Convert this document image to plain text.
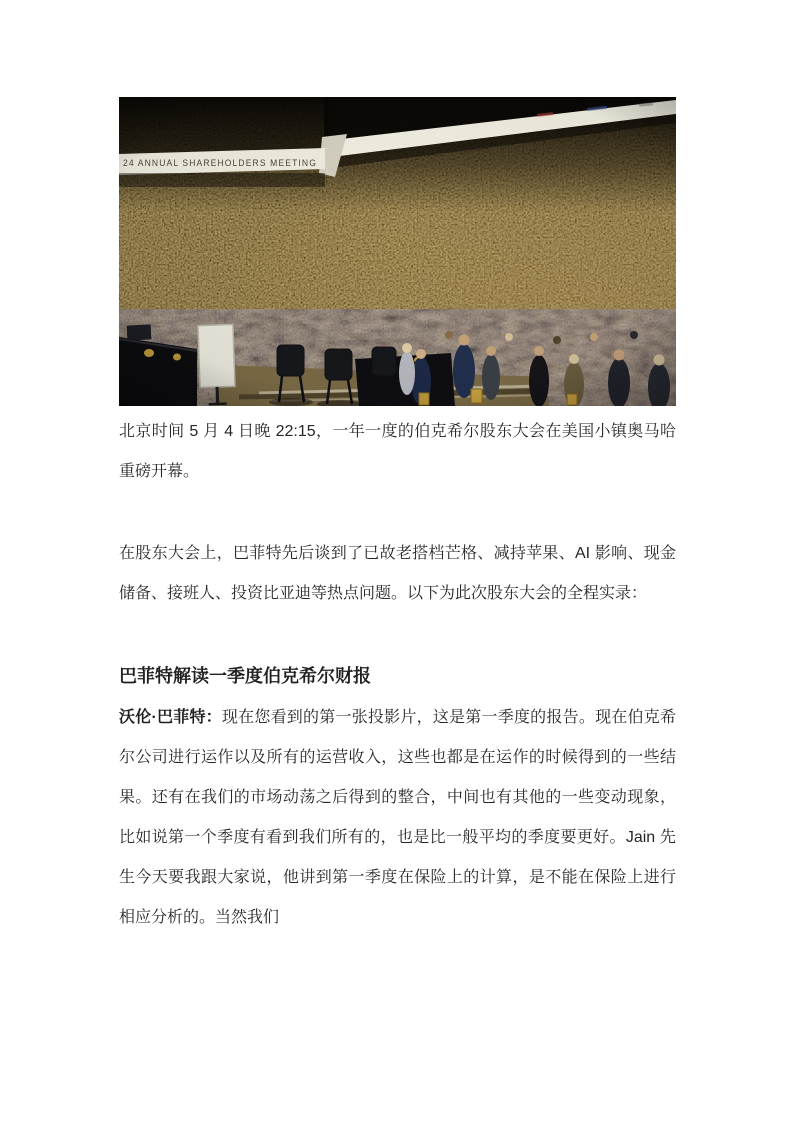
北京时间 5 月 4 日晚 22:15，一年一度的伯克希尔股东大会在美国小镇奥马哈重磅开幕。

在股东大会上，巴菲特先后谈到了已故老搭档芒格、减持苹果、AI 影响、现金储备、接班人、投资比亚迪等热点问题。以下为此次股东大会的全程实录：

巴菲特解读一季度伯克希尔财报

沃伦·巴菲特：现在您看到的第一张投影片，这是第一季度的报告。现在伯克希尔公司进行运作以及所有的运营收入，这些也都是在运作的时候得到的一些结果。还有在我们的市场动荡之后得到的整合，中间也有其他的一些变动现象，比如说第一个季度有看到我们所有的，也是比一般平均的季度要更好。Jain 先生今天要我跟大家说，他讲到第一季度在保险上的计算，是不能在保险上进行相应分析的。当然我们
